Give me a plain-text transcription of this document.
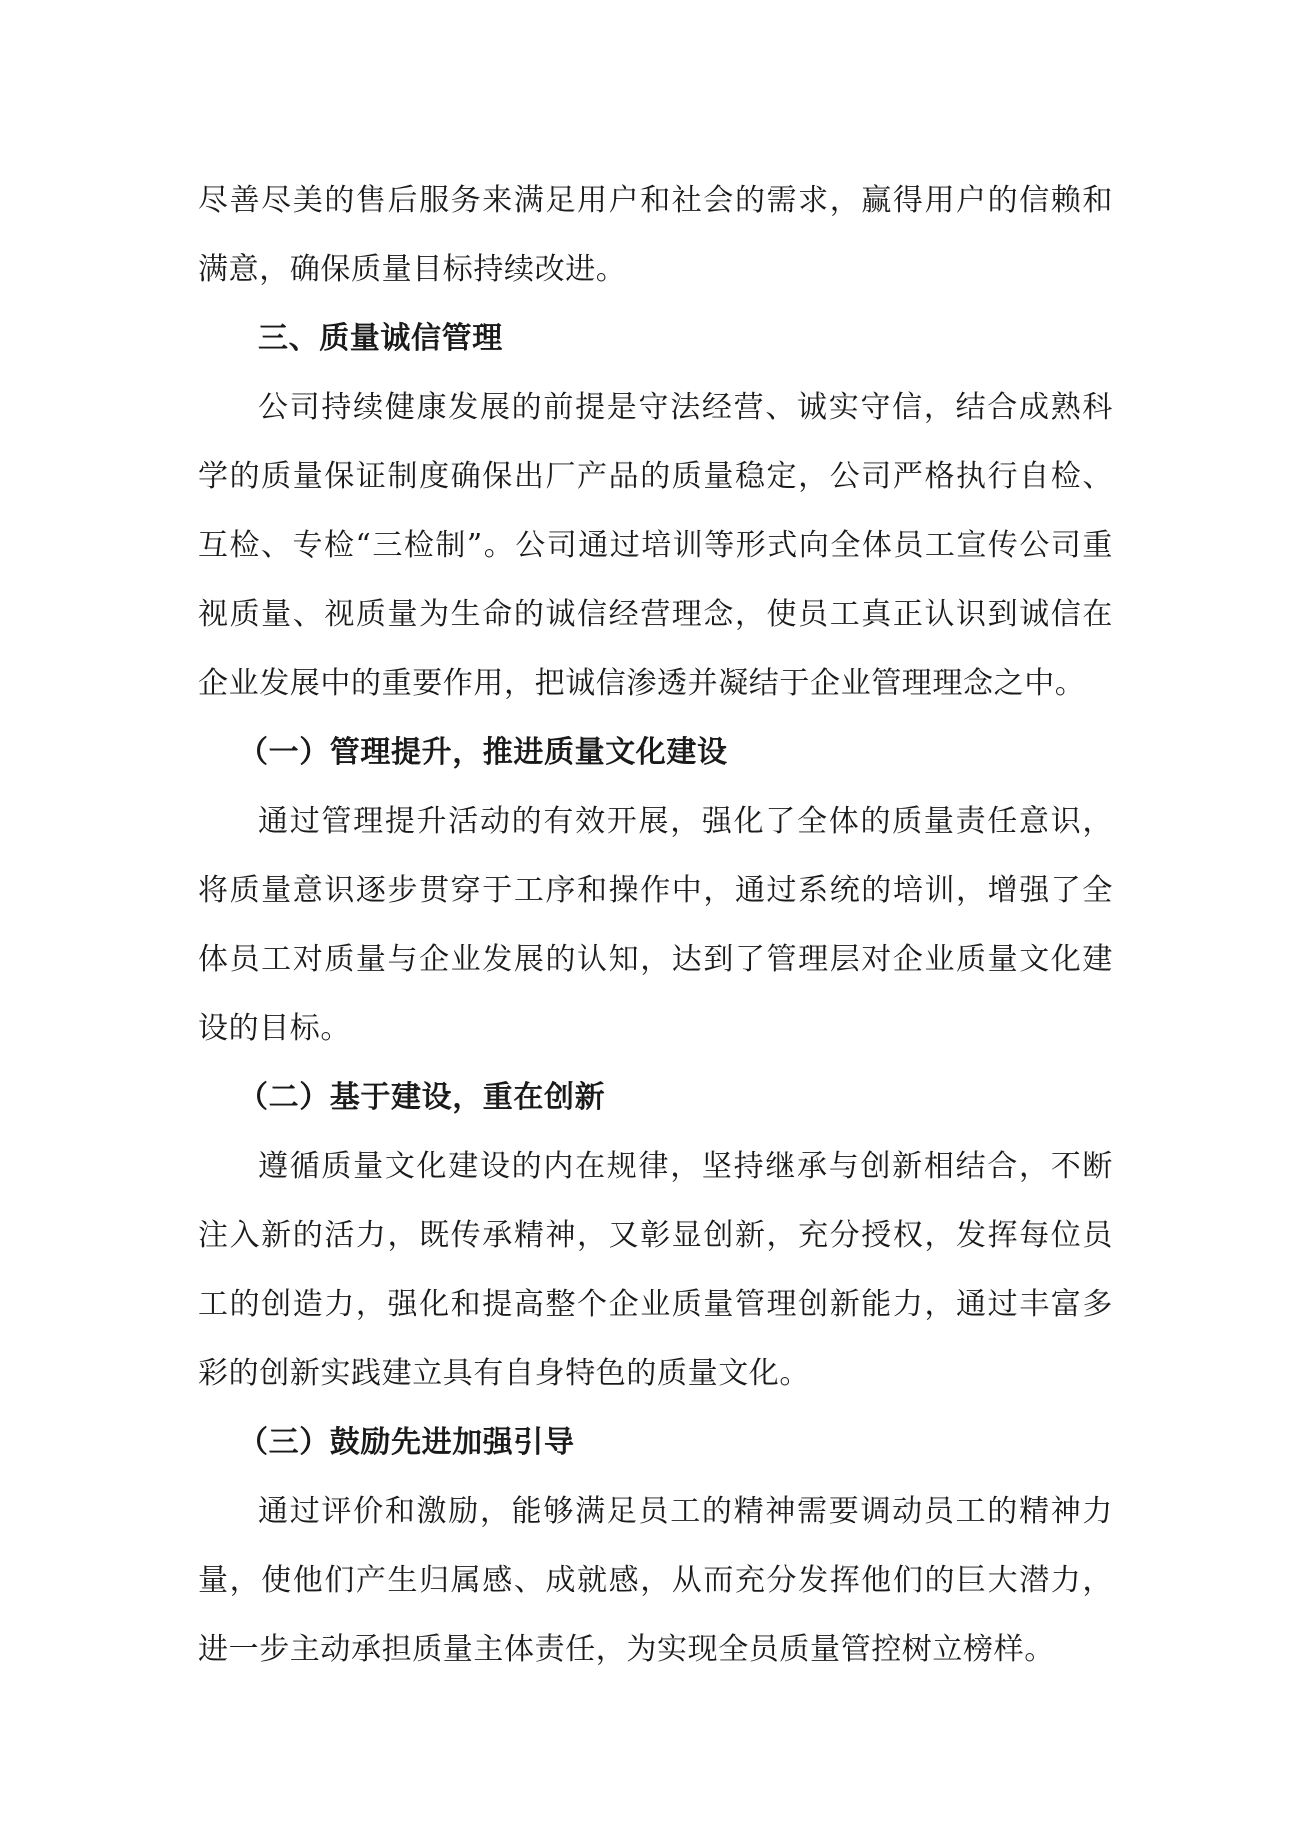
尽善尽美的售后服务来满足用户和社会的需求，赢得用户的信赖和满意，确保质量目标持续改进。

三、质量诚信管理

公司持续健康发展的前提是守法经营、诚实守信，结合成熟科学的质量保证制度确保出厂产品的质量稳定，公司严格执行自检、互检、专检“三检制”。公司通过培训等形式向全体员工宣传公司重视质量、视质量为生命的诚信经营理念，使员工真正认识到诚信在企业发展中的重要作用，把诚信渗透并凝结于企业管理理念之中。

（一）管理提升，推进质量文化建设

通过管理提升活动的有效开展，强化了全体的质量责任意识，将质量意识逐步贯穿于工序和操作中，通过系统的培训，增强了全体员工对质量与企业发展的认知，达到了管理层对企业质量文化建设的目标。

（二）基于建设，重在创新

遵循质量文化建设的内在规律，坚持继承与创新相结合，不断注入新的活力，既传承精神，又彰显创新，充分授权，发挥每位员工的创造力，强化和提高整个企业质量管理创新能力，通过丰富多彩的创新实践建立具有自身特色的质量文化。

（三）鼓励先进加强引导

通过评价和激励，能够满足员工的精神需要调动员工的精神力量，使他们产生归属感、成就感，从而充分发挥他们的巨大潜力，进一步主动承担质量主体责任，为实现全员质量管控树立榜样。
